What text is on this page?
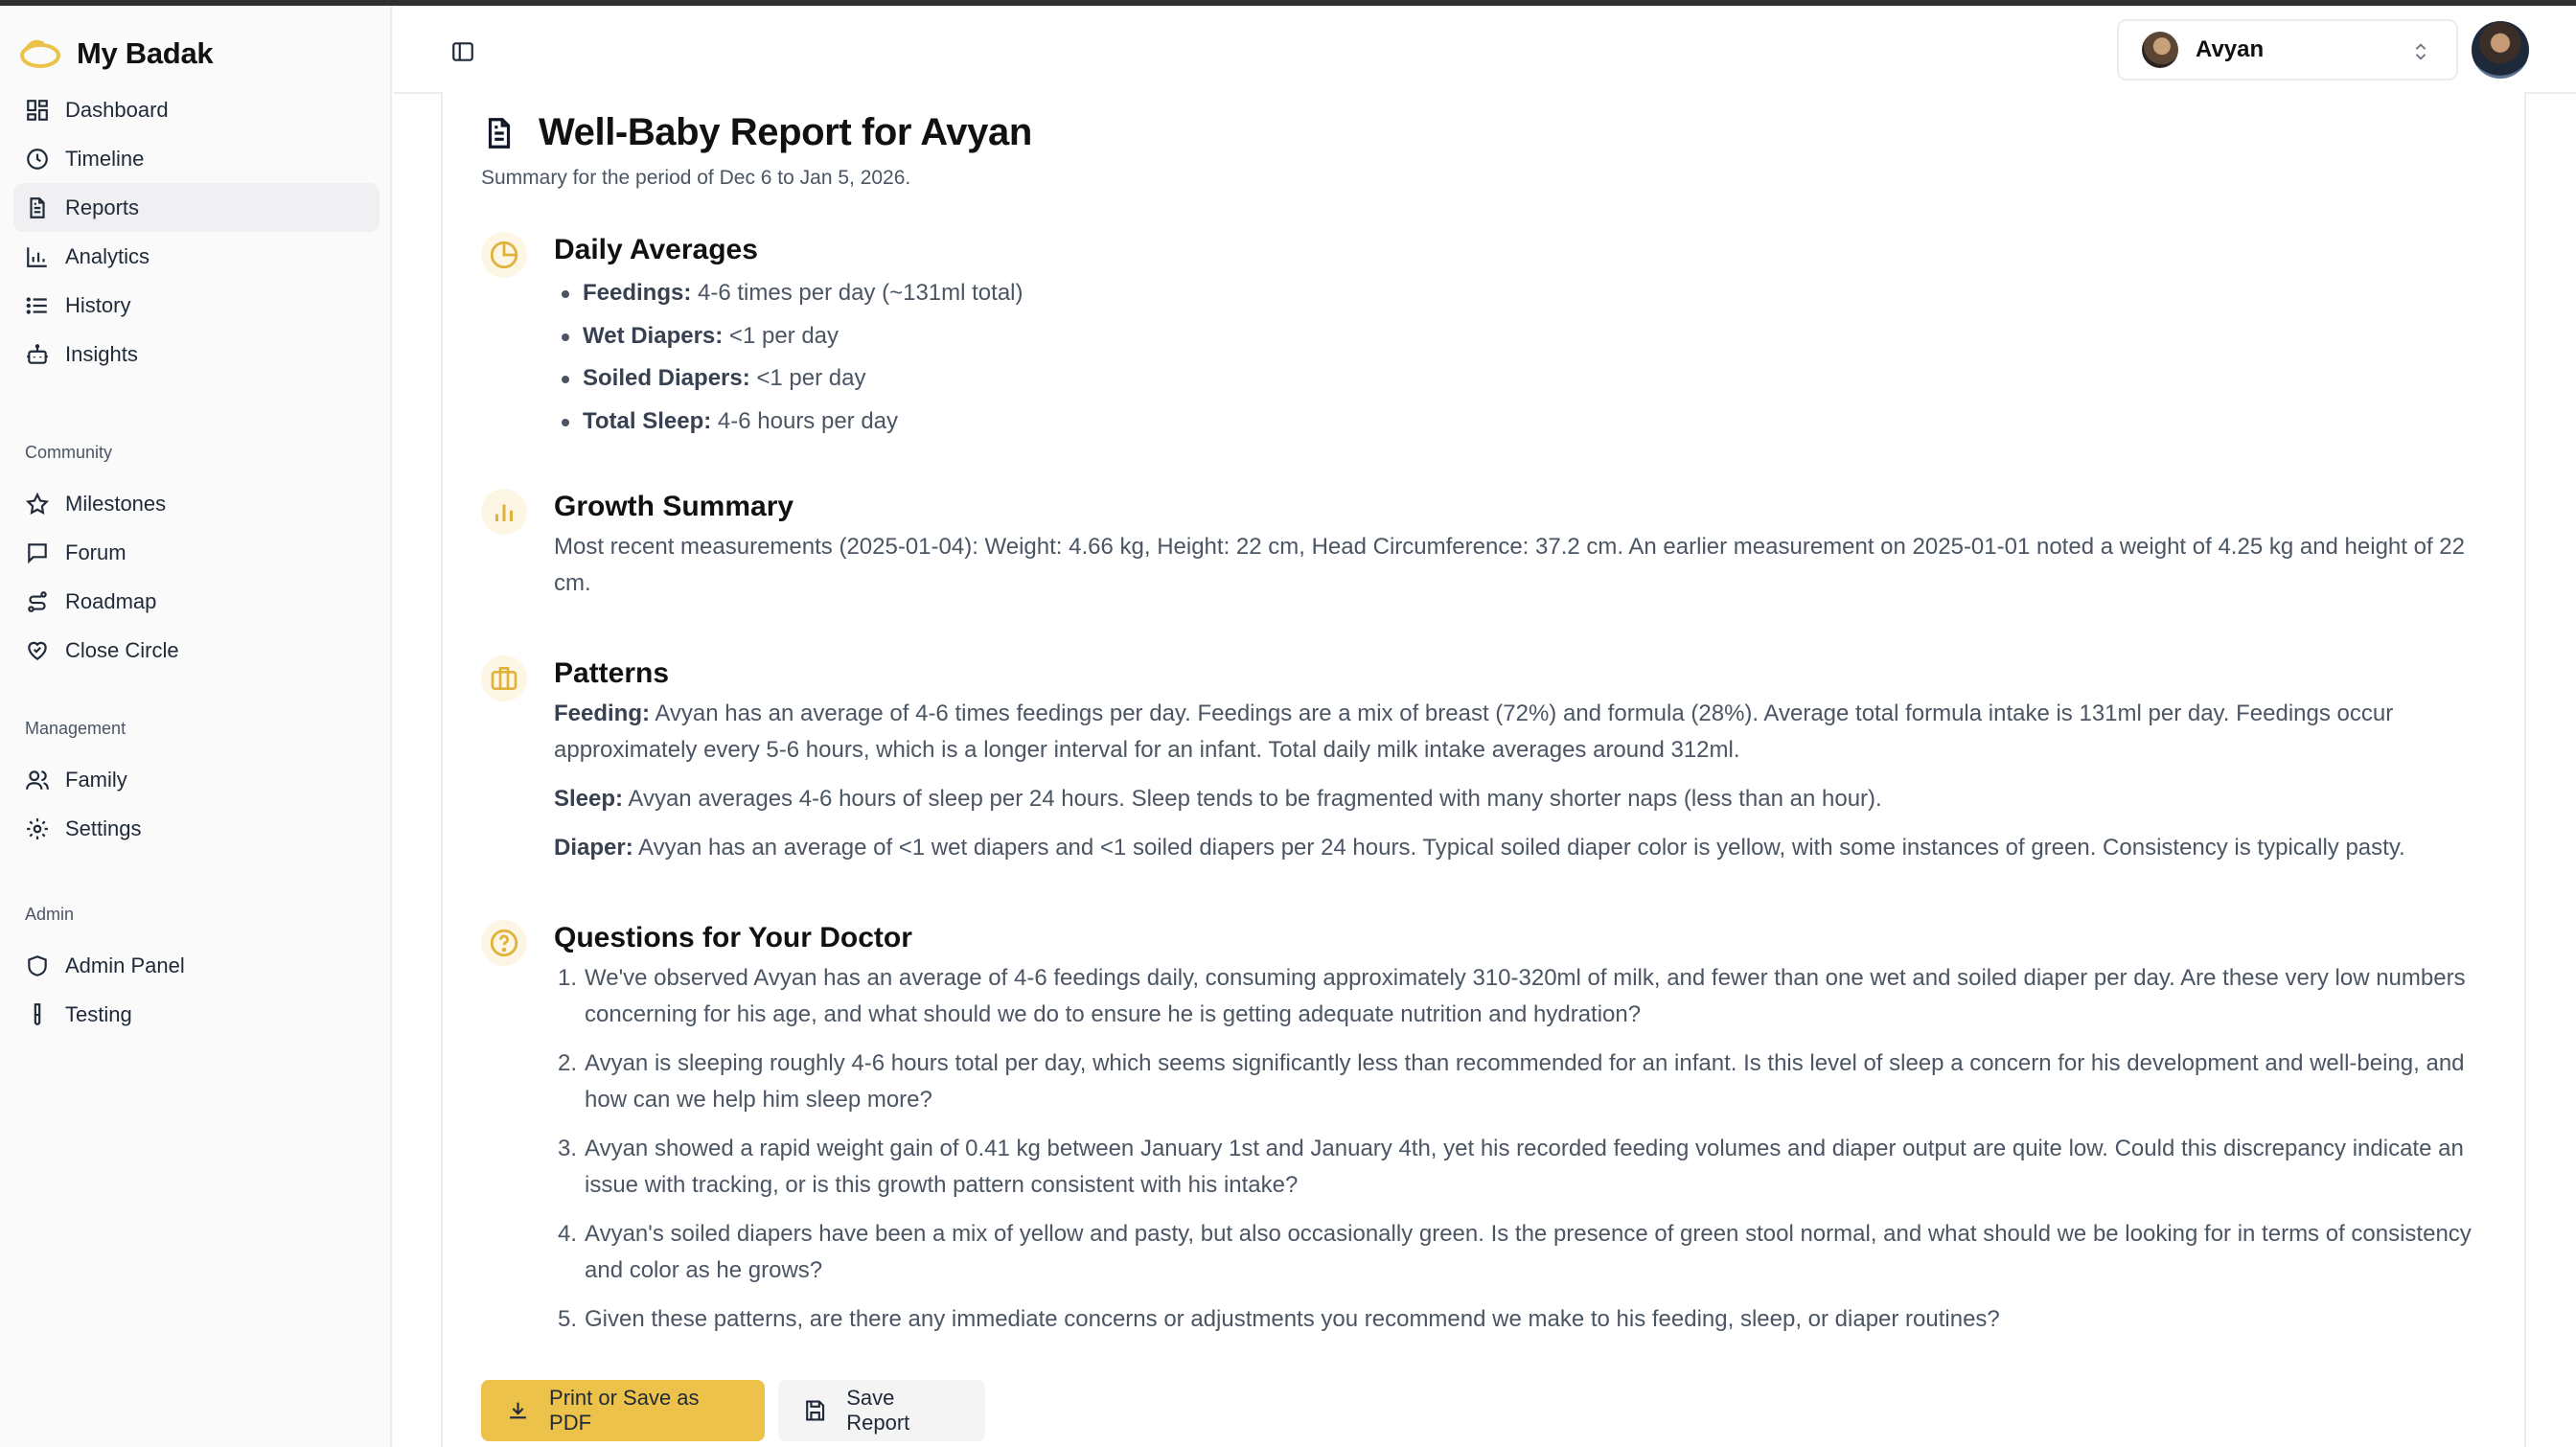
My Badak
Dashboard
Timeline
Reports
Analytics
History
Insights
Community
Milestones
Forum
Roadmap
Close Circle
Management
Family
Settings
Admin
Admin Panel
Testing
Avyan
Well-Baby Report for Avyan
Summary for the period of Dec 6 to Jan 5, 2026.
Daily Averages
Feedings: 4-6 times per day (~131ml total)
Wet Diapers: <1 per day
Soiled Diapers: <1 per day
Total Sleep: 4-6 hours per day
Growth Summary

Most recent measurements (2025-01-04): Weight: 4.66 kg, Height: 22 cm, Head Circumference: 37.2 cm. An earlier measurement on 2025-01-01 noted a weight of 4.25 kg and height of 22 cm.

Patterns

Feeding: Avyan has an average of 4-6 times feedings per day. Feedings are a mix of breast (72%) and formula (28%). Average total formula intake is 131ml per day. Feedings occur approximately every 5-6 hours, which is a longer interval for an infant. Total daily milk intake averages around 312ml.

Sleep: Avyan averages 4-6 hours of sleep per 24 hours. Sleep tends to be fragmented with many shorter naps (less than an hour).

Diaper: Avyan has an average of <1 wet diapers and <1 soiled diapers per 24 hours. Typical soiled diaper color is yellow, with some instances of green. Consistency is typically pasty.

Questions for Your Doctor
1. We've observed Avyan has an average of 4-6 feedings daily, consuming approximately 310-320ml of milk, and fewer than one wet and soiled diaper per day. Are these very low numbers concerning for his age, and what should we do to ensure he is getting adequate nutrition and hydration?
2. Avyan is sleeping roughly 4-6 hours total per day, which seems significantly less than recommended for an infant. Is this level of sleep a concern for his development and well-being, and how can we help him sleep more?
3. Avyan showed a rapid weight gain of 0.41 kg between January 1st and January 4th, yet his recorded feeding volumes and diaper output are quite low. Could this discrepancy indicate an issue with tracking, or is this growth pattern consistent with his intake?
4. Avyan's soiled diapers have been a mix of yellow and pasty, but also occasionally green. Is the presence of green stool normal, and what should we be looking for in terms of consistency and color as he grows?
5. Given these patterns, are there any immediate concerns or adjustments you recommend we make to his feeding, sleep, or diaper routines?
Print or Save as PDF
Save Report
